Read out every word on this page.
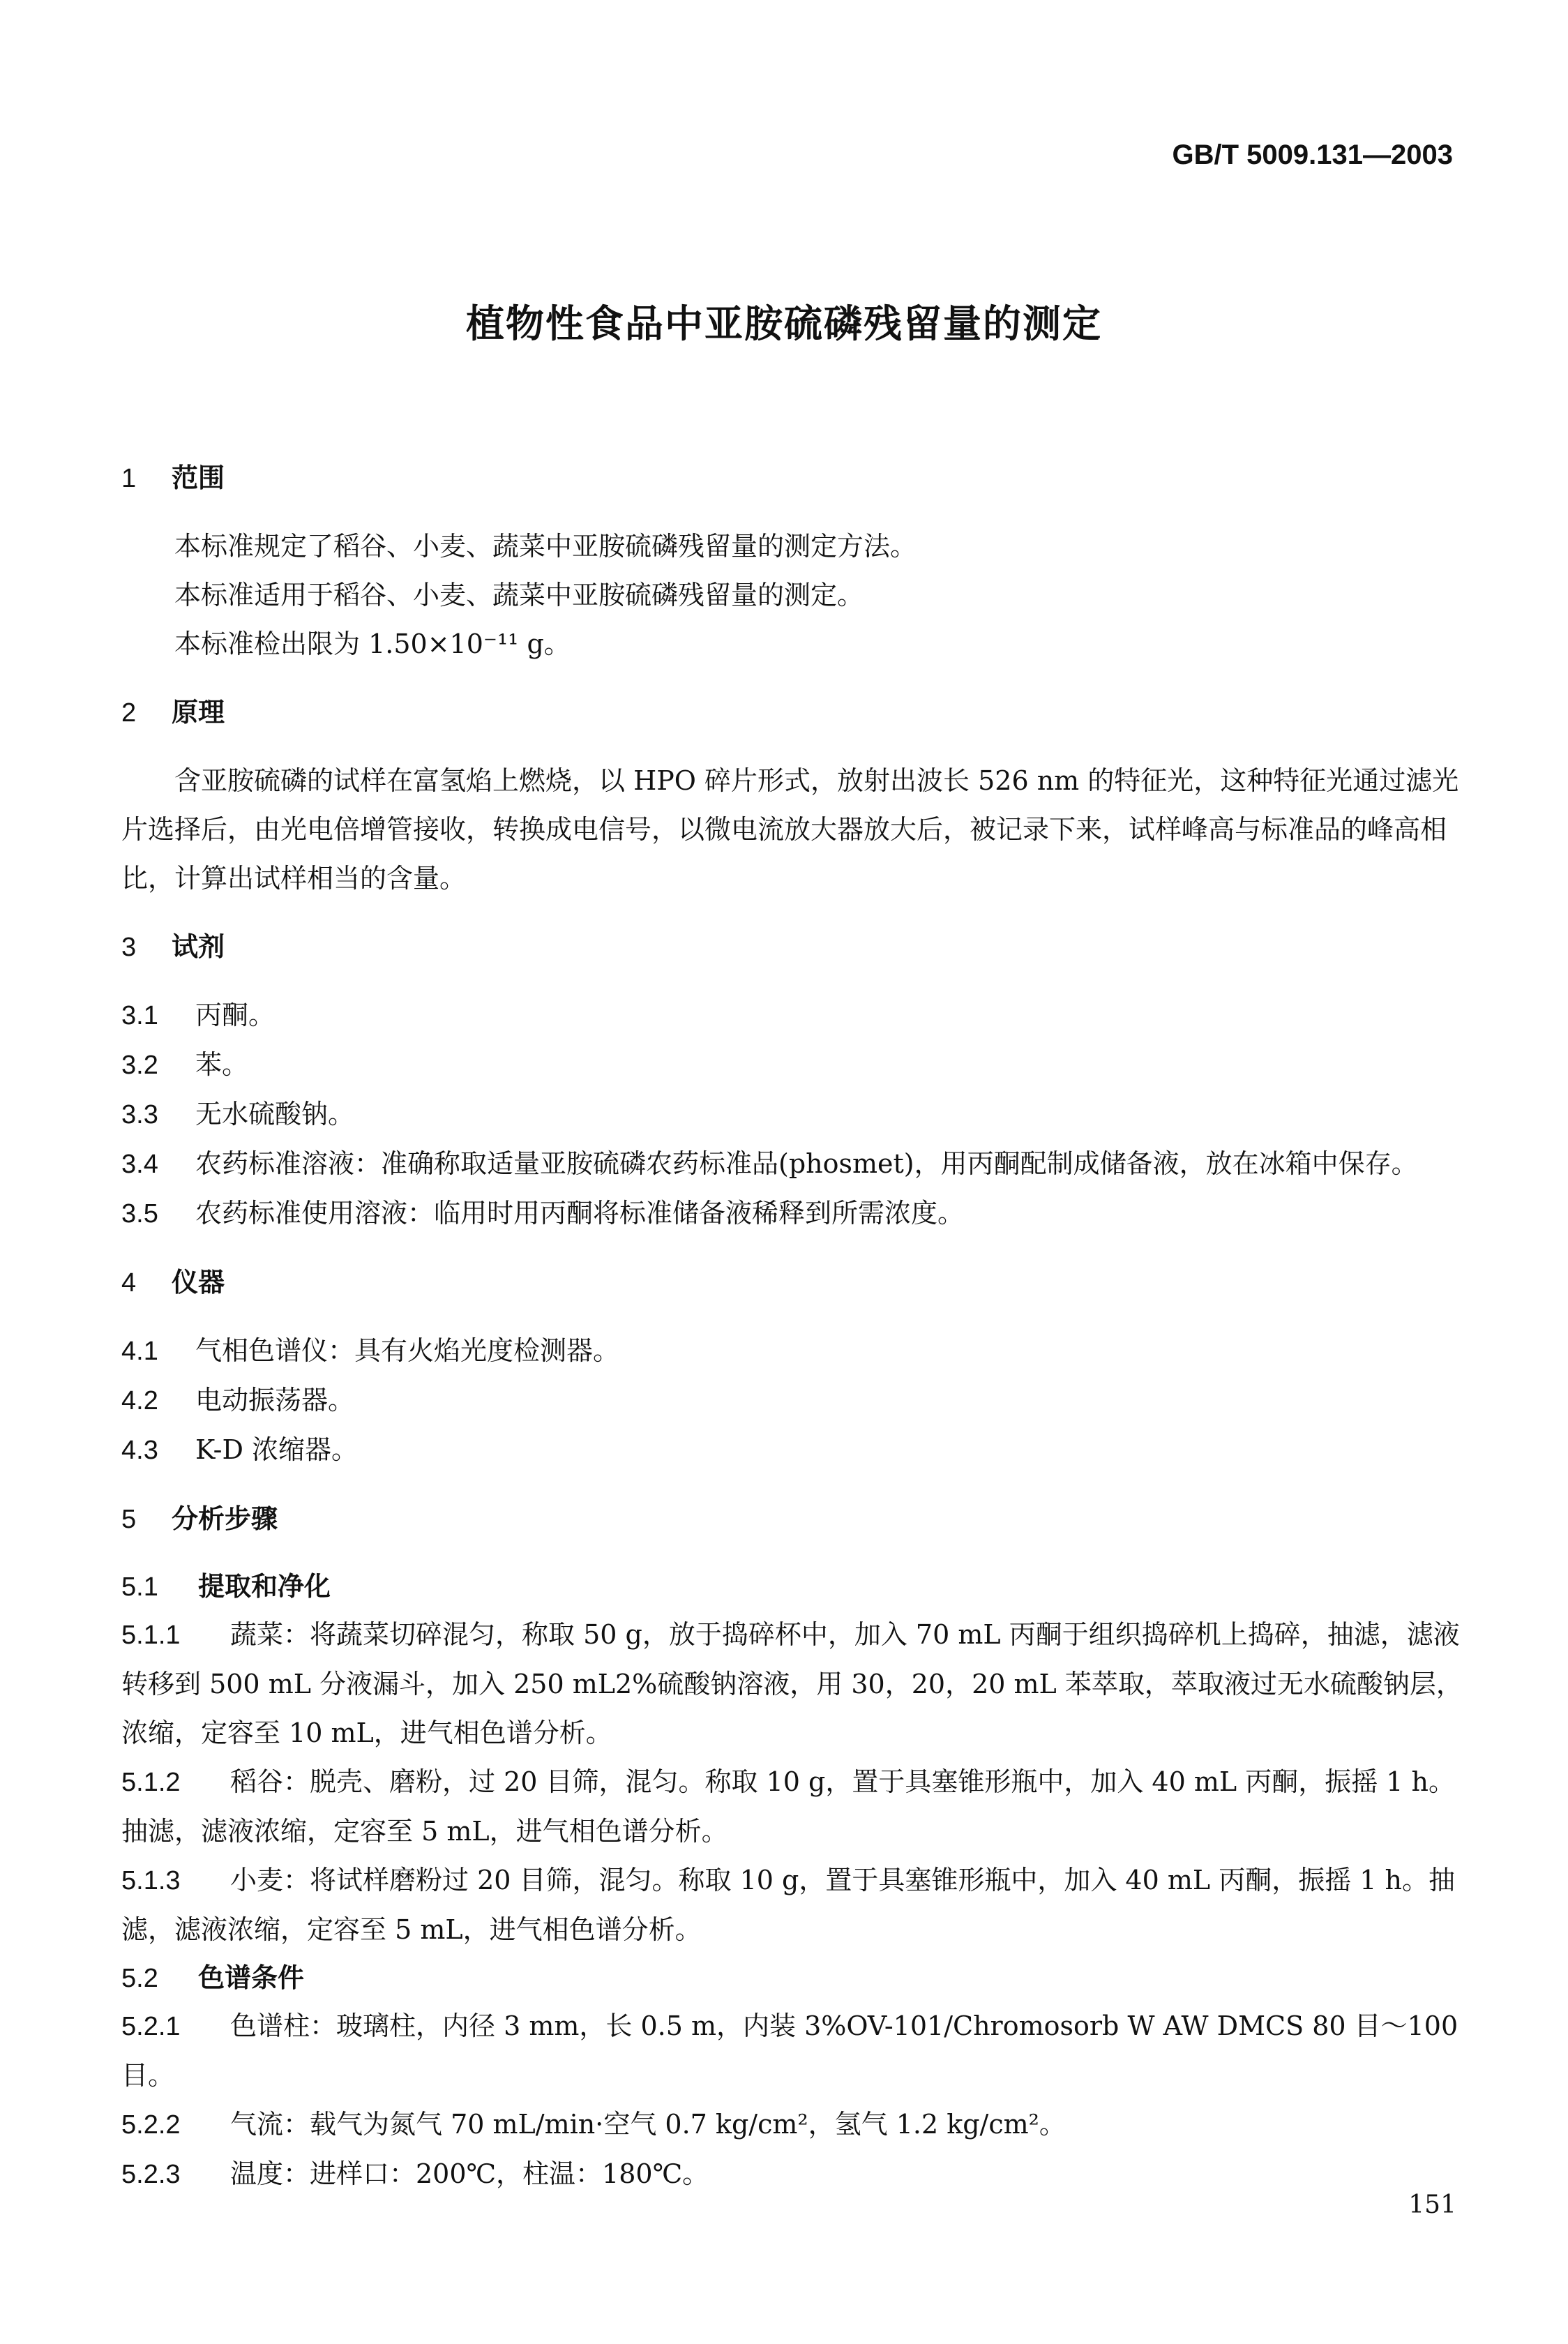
GB/T 5009.131—2003
植物性食品中亚胺硫磷残留量的测定
1 范围

本标准规定了稻谷、小麦、蔬菜中亚胺硫磷残留量的测定方法。

本标准适用于稻谷、小麦、蔬菜中亚胺硫磷残留量的测定。

本标准检出限为 1.50×10⁻¹¹ g。

2 原理

含亚胺硫磷的试样在富氢焰上燃烧，以 HPO 碎片形式，放射出波长 526 nm 的特征光，这种特征光通过滤光片选择后，由光电倍增管接收，转换成电信号，以微电流放大器放大后，被记录下来，试样峰高与标准品的峰高相比，计算出试样相当的含量。

3 试剂

3.1 丙酮。

3.2 苯。

3.3 无水硫酸钠。

3.4 农药标准溶液：准确称取适量亚胺硫磷农药标准品(phosmet)，用丙酮配制成储备液，放在冰箱中保存。

3.5 农药标准使用溶液：临用时用丙酮将标准储备液稀释到所需浓度。

4 仪器

4.1 气相色谱仪：具有火焰光度检测器。

4.2 电动振荡器。

4.3 K-D 浓缩器。

5 分析步骤
5.1 提取和净化

5.1.1 蔬菜：将蔬菜切碎混匀，称取 50 g，放于捣碎杯中，加入 70 mL 丙酮于组织捣碎机上捣碎，抽滤，滤液转移到 500 mL 分液漏斗，加入 250 mL2%硫酸钠溶液，用 30，20，20 mL 苯萃取，萃取液过无水硫酸钠层，浓缩，定容至 10 mL，进气相色谱分析。

5.1.2 稻谷：脱壳、磨粉，过 20 目筛，混匀。称取 10 g，置于具塞锥形瓶中，加入 40 mL 丙酮，振摇 1 h。抽滤，滤液浓缩，定容至 5 mL，进气相色谱分析。

5.1.3 小麦：将试样磨粉过 20 目筛，混匀。称取 10 g，置于具塞锥形瓶中，加入 40 mL 丙酮，振摇 1 h。抽滤，滤液浓缩，定容至 5 mL，进气相色谱分析。

5.2 色谱条件

5.2.1 色谱柱：玻璃柱，内径 3 mm，长 0.5 m，内装 3%OV-101/Chromosorb W AW DMCS 80 目～100 目。

5.2.2 气流：载气为氮气 70 mL/min·空气 0.7 kg/cm²，氢气 1.2 kg/cm²。

5.2.3 温度：进样口：200℃，柱温：180℃。

151
